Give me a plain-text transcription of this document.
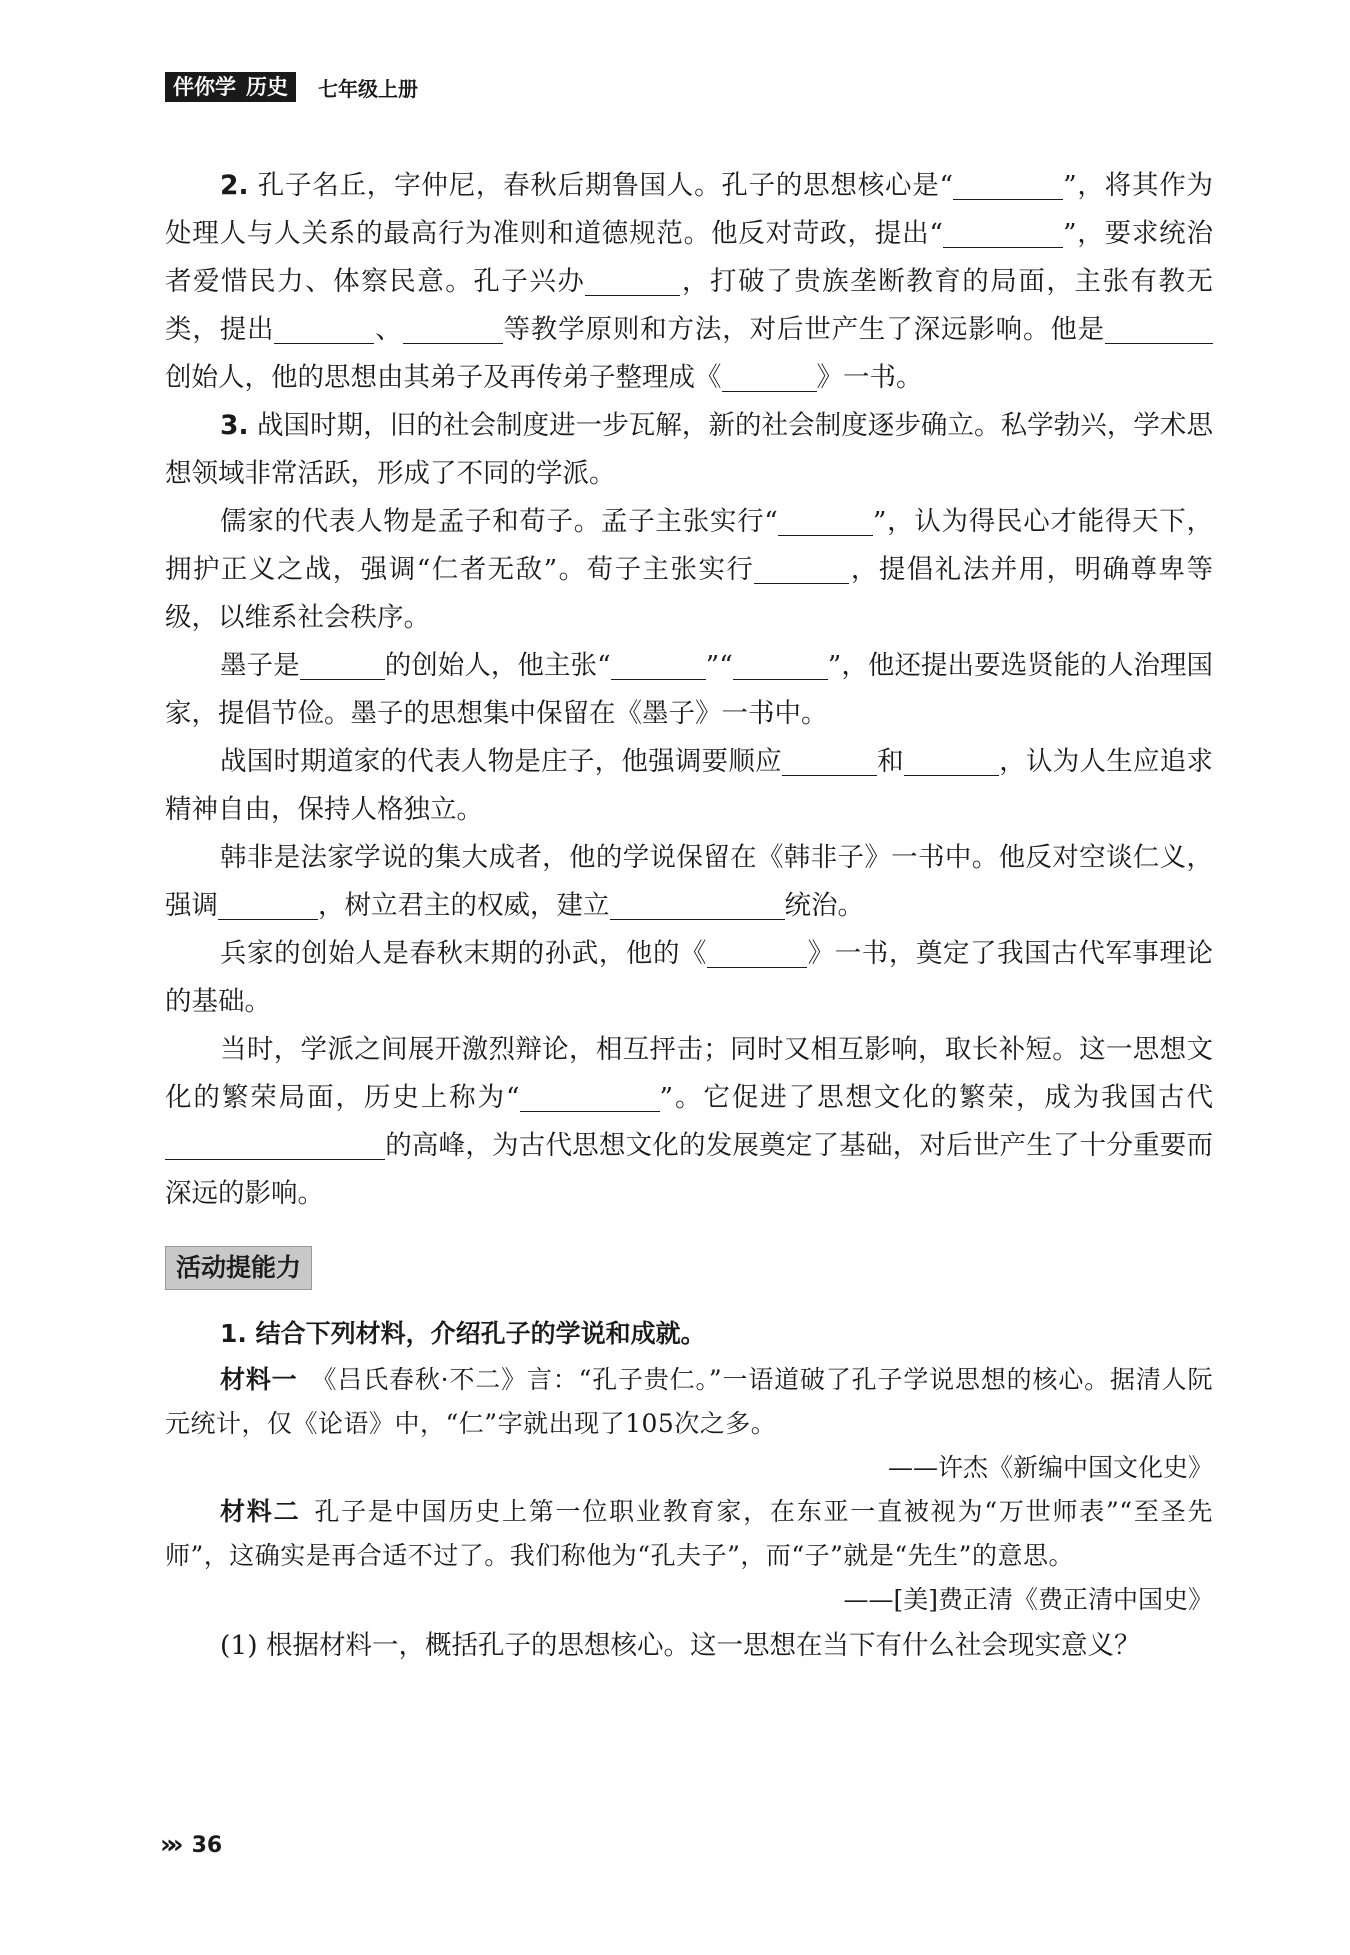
伴你学 历史 七年级上册

2. 孔子名丘，字仲尼，春秋后期鲁国人。孔子的思想核心是“	”，将其作为处理人与人关系的最高行为准则和道德规范。他反对苛政，提出“	”，要求统治者爱惜民力、体察民意。孔子兴办	，打破了贵族垄断教育的局面，主张有教无类，提出	、	等教学原则和方法，对后世产生了深远影响。他是创始人，他的思想由其弟子及再传弟子整理成《	》一书。

3. 战国时期，旧的社会制度进一步瓦解，新的社会制度逐步确立。私学勃兴，学术思想领域非常活跃，形成了不同的学派。

儒家的代表人物是孟子和荀子。孟子主张实行“	”，认为得民心才能得天下，拥护正义之战，强调“仁者无敌”。荀子主张实行	，提倡礼法并用，明确尊卑等级，以维系社会秩序。

墨子是	的创始人，他主张“	”“	”，他还提出要选贤能的人治理国家，提倡节俭。墨子的思想集中保留在《墨子》一书中。

战国时期道家的代表人物是庄子，他强调要顺应	和	，认为人生应追求精神自由，保持人格独立。

韩非是法家学说的集大成者，他的学说保留在《韩非子》一书中。他反对空谈仁义，强调	，树立君主的权威，建立	统治。

兵家的创始人是春秋末期的孙武，他的《	》一书，奠定了我国古代军事理论的基础。

当时，学派之间展开激烈辩论，相互抨击；同时又相互影响，取长补短。这一思想文化的繁荣局面，历史上称为“	”。它促进了思想文化的繁荣，成为我国古代的高峰，为古代思想文化的发展奠定了基础，对后世产生了十分重要而深远的影响。

活动提能力

1. 结合下列材料，介绍孔子的学说和成就。

材料一 《吕氏春秋·不二》言：“孔子贵仁。”一语道破了孔子学说思想的核心。据清人阮元统计，仅《论语》中，“仁”字就出现了105次之多。

——许杰《新编中国文化史》

材料二 孔子是中国历史上第一位职业教育家，在东亚一直被视为“万世师表”“至圣先师”，这确实是再合适不过了。我们称他为“孔夫子”，而“子”就是“先生”的意思。

——[美]费正清《费正清中国史》

(1) 根据材料一，概括孔子的思想核心。这一思想在当下有什么社会现实意义？

»» 36
